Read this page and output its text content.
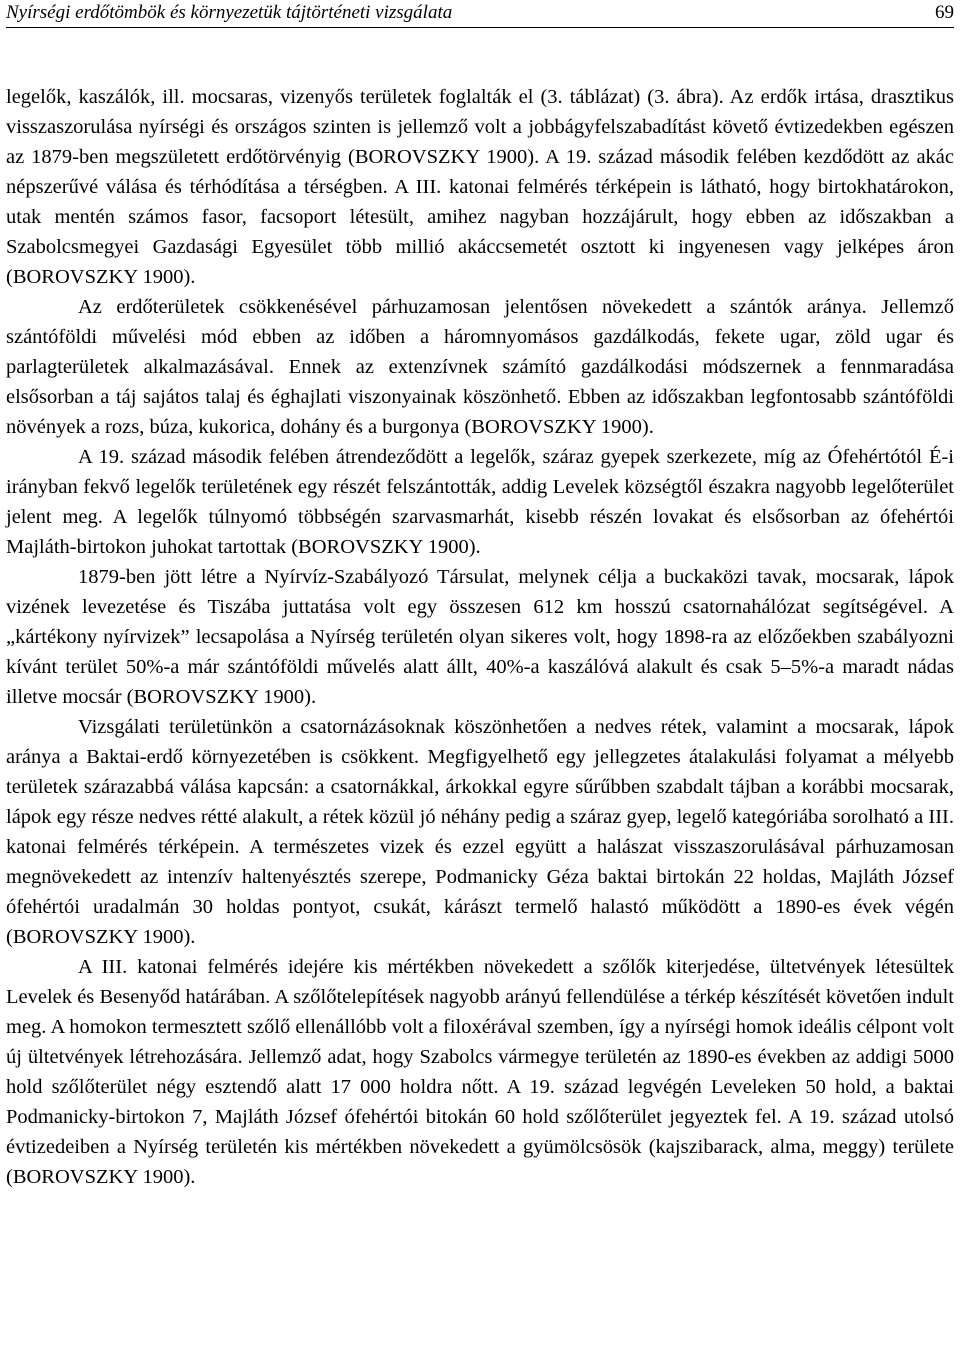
Nyírségi erdőtömbök és környezetük tájtörténeti vizsgálata	69

legelők, kaszálók, ill. mocsaras, vizenyős területek foglalták el (3. táblázat) (3. ábra). Az erdők irtása, drasztikus visszaszorulása nyírségi és országos szinten is jellemző volt a jobbágyfelszabadítást követő évtizedekben egészen az 1879-ben megszületett erdőtörvényig (BOROVSZKY 1900). A 19. század második felében kezdődött az akác népszerűvé válása és térhódítása a térségben. A III. katonai felmérés térképein is látható, hogy birtokhatárokon, utak mentén számos fasor, facsoport létesült, amihez nagyban hozzájárult, hogy ebben az időszakban a Szabolcsmegyei Gazdasági Egyesület több millió akáccsemetét osztott ki ingyenesen vagy jelképes áron (BOROVSZKY 1900).

Az erdőterületek csökkenésével párhuzamosan jelentősen növekedett a szántók aránya. Jellemző szántóföldi művelési mód ebben az időben a háromnyomásos gazdálkodás, fekete ugar, zöld ugar és parlagterületek alkalmazásával. Ennek az extenzívnek számító gazdálkodási módszernek a fennmaradása elsősorban a táj sajátos talaj és éghajlati viszonyainak köszönhető. Ebben az időszakban legfontosabb szántóföldi növények a rozs, búza, kukorica, dohány és a burgonya (BOROVSZKY 1900).

A 19. század második felében átrendeződött a legelők, száraz gyepek szerkezete, míg az Ófehértótól É-i irányban fekvő legelők területének egy részét felszántották, addig Levelek községtől északra nagyobb legelőterület jelent meg. A legelők túlnyomó többségén szarvasmarhát, kisebb részén lovakat és elsősorban az ófehértói Majláth-birtokon juhokat tartottak (BOROVSZKY 1900).

1879-ben jött létre a Nyírvíz-Szabályozó Társulat, melynek célja a buckaközi tavak, mocsarak, lápok vizének levezetése és Tiszába juttatása volt egy összesen 612 km hosszú csatornahálózat segítségével. A „kártékony nyírvizek” lecsapolása a Nyírség területén olyan sikeres volt, hogy 1898-ra az előzőekben szabályozni kívánt terület 50%-a már szántóföldi művelés alatt állt, 40%-a kaszálóvá alakult és csak 5–5%-a maradt nádas illetve mocsár (BOROVSZKY 1900).

Vizsgálati területünkön a csatornázásoknak köszönhetően a nedves rétek, valamint a mocsarak, lápok aránya a Baktai-erdő környezetében is csökkent. Megfigyelhető egy jellegzetes átalakulási folyamat a mélyebb területek szárazabbá válása kapcsán: a csatornákkal, árkokkal egyre sűrűbben szabdalt tájban a korábbi mocsarak, lápok egy része nedves rétté alakult, a rétek közül jó néhány pedig a száraz gyep, legelő kategóriába sorolható a III. katonai felmérés térképein. A természetes vizek és ezzel együtt a halászat visszaszorulásával párhuzamosan megnövekedett az intenzív haltenyésztés szerepe, Podmanicky Géza baktai birtokán 22 holdas, Majláth József ófehértói uradalmán 30 holdas pontyot, csukát, kárászt termelő halastó működött a 1890-es évek végén (BOROVSZKY 1900).

A III. katonai felmérés idejére kis mértékben növekedett a szőlők kiterjedése, ültetvények létesültek Levelek és Besenyőd határában. A szőlőtelepítések nagyobb arányú fellendülése a térkép készítését követően indult meg. A homokon termesztett szőlő ellenállóbb volt a filoxérával szemben, így a nyírségi homok ideális célpont volt új ültetvények létrehozására. Jellemző adat, hogy Szabolcs vármegye területén az 1890-es években az addigi 5000 hold szőlőterület négy esztendő alatt 17 000 holdra nőtt. A 19. század legvégén Leveleken 50 hold, a baktai Podmanicky-birtokon 7, Majláth József ófehértói bitokán 60 hold szőlőterület jegyeztek fel. A 19. század utolsó évtizedeiben a Nyírség területén kis mértékben növekedett a gyümölcsösök (kajszibarack, alma, meggy) területe (BOROVSZKY 1900).
